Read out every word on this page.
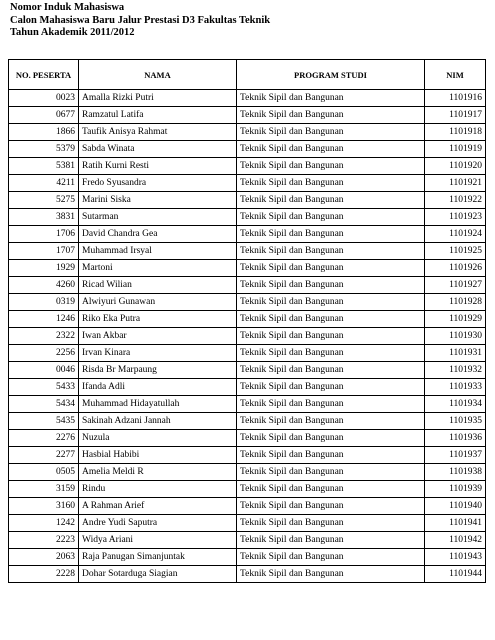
Nomor Induk Mahasiswa
Calon Mahasiswa Baru Jalur Prestasi D3 Fakultas Teknik
Tahun Akademik 2011/2012
NO. PESERTA	NAMA	PROGRAM STUDI	NIM
0023	Amalla Rizki Putri	Teknik Sipil dan Bangunan	1101916
0677	Ramzatul Latifa	Teknik Sipil dan Bangunan	1101917
1866	Taufik Anisya Rahmat	Teknik Sipil dan Bangunan	1101918
5379	Sabda Winata	Teknik Sipil dan Bangunan	1101919
5381	Ratih Kurni Resti	Teknik Sipil dan Bangunan	1101920
4211	Fredo Syusandra	Teknik Sipil dan Bangunan	1101921
5275	Marini Siska	Teknik Sipil dan Bangunan	1101922
3831	Sutarman	Teknik Sipil dan Bangunan	1101923
1706	David Chandra Gea	Teknik Sipil dan Bangunan	1101924
1707	Muhammad Irsyal	Teknik Sipil dan Bangunan	1101925
1929	Martoni	Teknik Sipil dan Bangunan	1101926
4260	Ricad Wilian	Teknik Sipil dan Bangunan	1101927
0319	Alwiyuri Gunawan	Teknik Sipil dan Bangunan	1101928
1246	Riko Eka Putra	Teknik Sipil dan Bangunan	1101929
2322	Iwan Akbar	Teknik Sipil dan Bangunan	1101930
2256	Irvan Kinara	Teknik Sipil dan Bangunan	1101931
0046	Risda Br Marpaung	Teknik Sipil dan Bangunan	1101932
5433	Ifanda Adli	Teknik Sipil dan Bangunan	1101933
5434	Muhammad Hidayatullah	Teknik Sipil dan Bangunan	1101934
5435	Sakinah Adzani Jannah	Teknik Sipil dan Bangunan	1101935
2276	Nuzula	Teknik Sipil dan Bangunan	1101936
2277	Hasbial Habibi	Teknik Sipil dan Bangunan	1101937
0505	Amelia Meldi R	Teknik Sipil dan Bangunan	1101938
3159	Rindu	Teknik Sipil dan Bangunan	1101939
3160	A Rahman Arief	Teknik Sipil dan Bangunan	1101940
1242	Andre Yudi Saputra	Teknik Sipil dan Bangunan	1101941
2223	Widya Ariani	Teknik Sipil dan Bangunan	1101942
2063	Raja Panugan Simanjuntak	Teknik Sipil dan Bangunan	1101943
2228	Dohar Sotarduga Siagian	Teknik Sipil dan Bangunan	1101944
